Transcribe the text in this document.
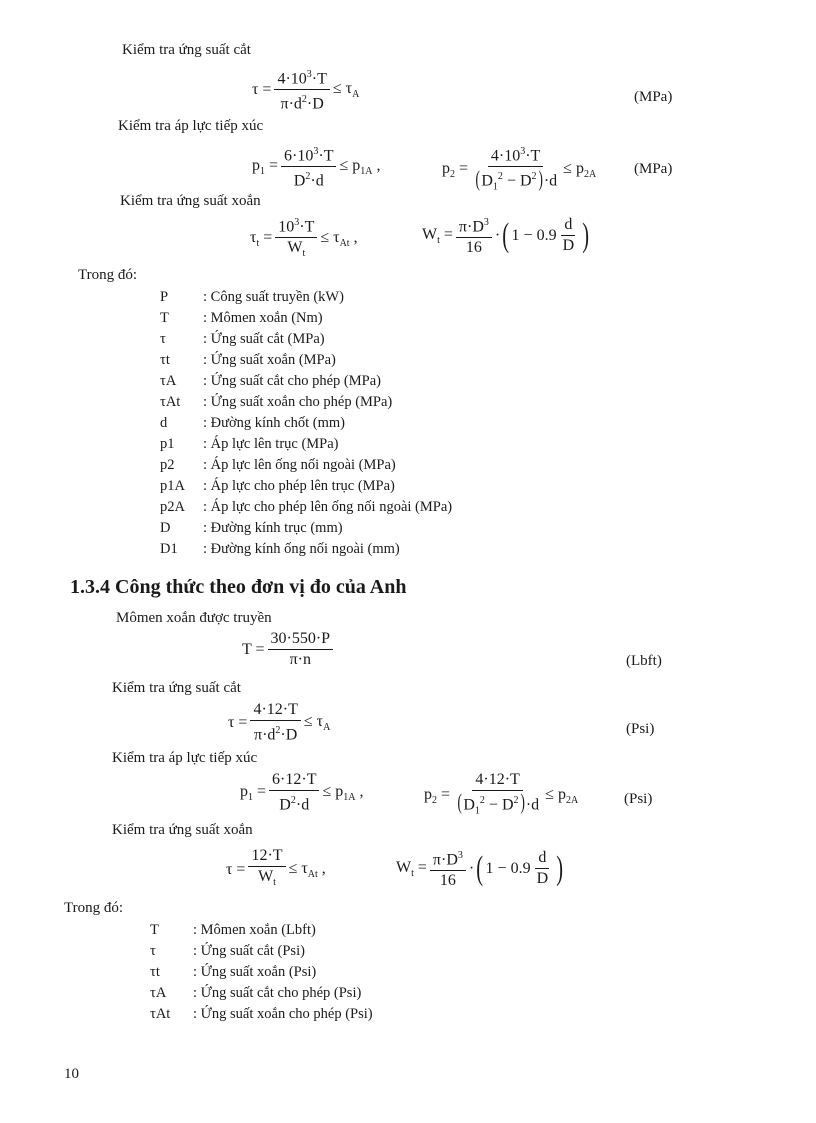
Kiểm tra ứng suất cắt
$\tau = \frac{4\cdot 10^3\cdot T}{\pi\cdot d^2\cdot D} \le \tau_A$	(MPa)
Kiểm tra áp lực tiếp xúc
$p_1 = \frac{6\cdot 10^3\cdot T}{D^2\cdot d} \le p_{1A}$ ,	$p_2 = \frac{4\cdot 10^3\cdot T}{(D_1^2 - D^2)\cdot d} \le p_{2A}$	(MPa)
Kiểm tra ứng suất xoắn
$\tau_t = \frac{10^3\cdot T}{W_t} \le \tau_{At}$ ,	$W_t = \frac{\pi\cdot D^3}{16}$ · ( $1 - 0.9 \frac{d}{D}$ )
Trong đó:
P	: Công suất truyền (kW)
T	: Mômen xoắn (Nm)
τ	: Ứng suất cắt (MPa)
τt	: Ứng suất xoắn (MPa)
τA	: Ứng suất cắt cho phép (MPa)
τAt	: Ứng suất xoắn cho phép (MPa)
d	: Đường kính chốt (mm)
p1	: Áp lực lên trục (MPa)
p2	: Áp lực lên ống nối ngoài (MPa)
p1A	: Áp lực cho phép lên trục (MPa)
p2A	: Áp lực cho phép lên ống nối ngoài (MPa)
D	: Đường kính trục (mm)
D1	: Đường kính ống nối ngoài (mm)
1.3.4 Công thức theo đơn vị đo của Anh
Mômen xoắn được truyền
$T = \frac{30\cdot 550\cdot P}{\pi\cdot n}$	(Lbft)
Kiểm tra ứng suất cắt
$\tau = \frac{4\cdot 12\cdot T}{\pi\cdot d^2\cdot D} \le \tau_A$	(Psi)
Kiểm tra áp lực tiếp xúc
$p_1 = \frac{6\cdot 12\cdot T}{D^2\cdot d} \le p_{1A}$ ,	$p_2 = \frac{4\cdot 12\cdot T}{(D_1^2 - D^2)\cdot d} \le p_{2A}$	(Psi)
Kiểm tra ứng suất xoắn
$\tau = \frac{12\cdot T}{W_t} \le \tau_{At}$ ,	$W_t = \frac{\pi\cdot D^3}{16}$ · ( $1 - 0.9 \frac{d}{D}$ )
Trong đó:
T	: Mômen xoắn (Lbft)
τ	: Ứng suất cắt (Psi)
τt	: Ứng suất xoắn (Psi)
τA	: Ứng suất cắt cho phép (Psi)
τAt	: Ứng suất xoắn cho phép (Psi)
10
